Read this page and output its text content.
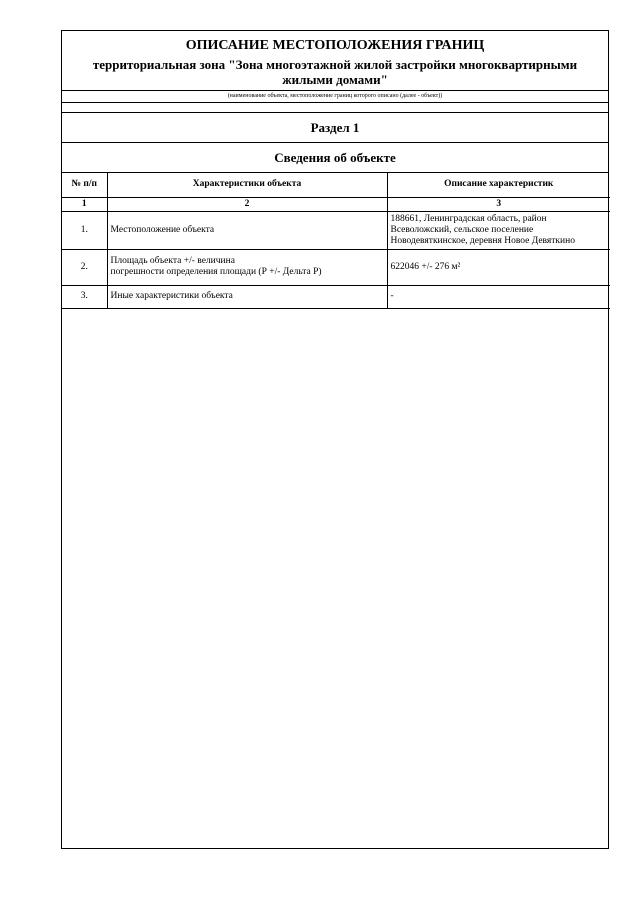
ОПИСАНИЕ МЕСТОПОЛОЖЕНИЯ ГРАНИЦ
территориальная зона "Зона многоэтажной жилой застройки многоквартирными жилыми домами"
(наименование объекта, местоположение границ которого описано (далее - объект))
Раздел 1
Сведения об объекте
№ п/п	Характеристики объекта	Описание характеристик
1	2	3
1.	Местоположение объекта	188661, Ленинградская область, район
Всеволожский, сельское поселение
Новодевяткинское, деревня Новое Девяткино

2.	Площадь объекта +/- величина
погрешности определения площади (Р +/- Дельта Р)	622046 +/- 276 м²

3.	Иные характеристики объекта	-
